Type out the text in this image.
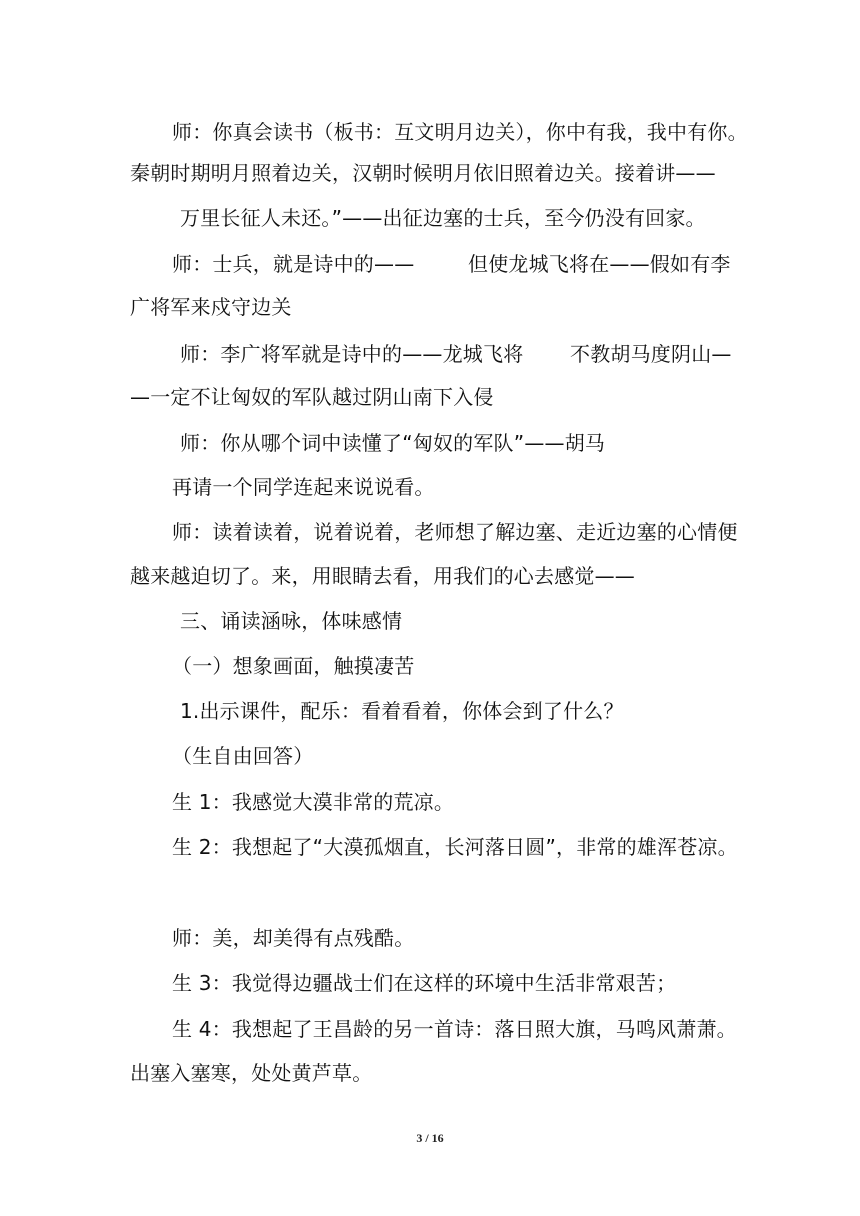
师：你真会读书（板书：互文明月边关），你中有我，我中有你。
秦朝时期明月照着边关，汉朝时候明月依旧照着边关。接着讲——
万里长征人未还。”——出征边塞的士兵，至今仍没有回家。
师：士兵，就是诗中的——	但使龙城飞将在——假如有李
广将军来戍守边关
师：李广将军就是诗中的——龙城飞将 不教胡马度阴山—
—一定不让匈奴的军队越过阴山南下入侵
师：你从哪个词中读懂了“匈奴的军队”——胡马
再请一个同学连起来说说看。
师：读着读着，说着说着，老师想了解边塞、走近边塞的心情便
越来越迫切了。来，用眼睛去看，用我们的心去感觉——
三、诵读涵咏，体味感情
（一）想象画面，触摸凄苦
1.出示课件，配乐：看着看着，你体会到了什么？
（生自由回答）
生 1：我感觉大漠非常的荒凉。
生 2：我想起了“大漠孤烟直，长河落日圆”，非常的雄浑苍凉。
师：美，却美得有点残酷。
生 3：我觉得边疆战士们在这样的环境中生活非常艰苦；
生 4：我想起了王昌龄的另一首诗：落日照大旗，马鸣风萧萧。
出塞入塞寒，处处黄芦草。
3 / 16
